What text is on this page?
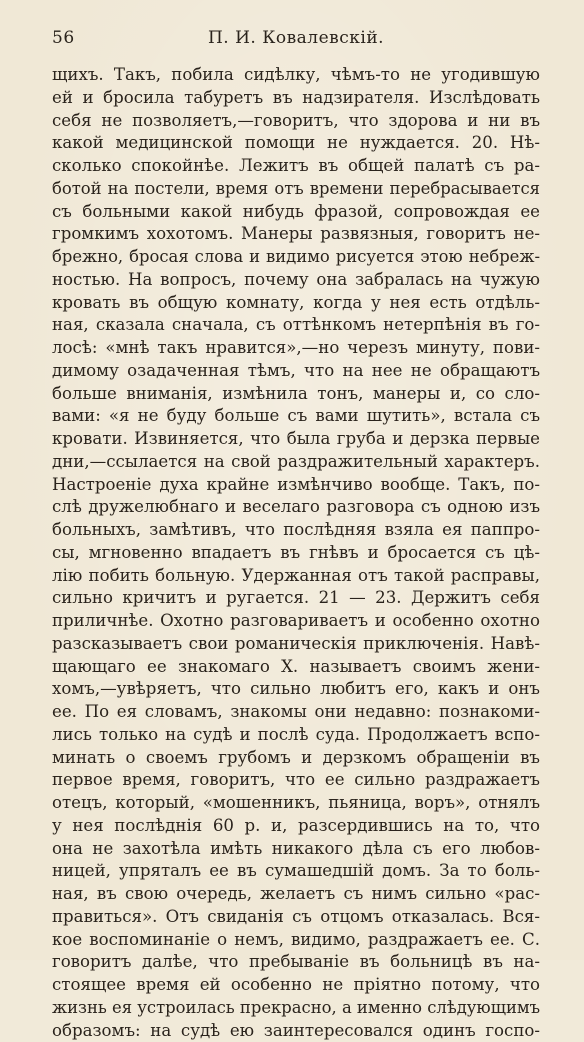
56	П. И. Ковалевскій.
щихъ. Такъ, побила сидѣлку, чѣмъ-то не угодившую
ей и бросила табуретъ въ надзирателя. Изслѣдовать
себя не позволяетъ,—говоритъ, что здорова и ни въ
какой медицинской помощи не нуждается. 20. Нѣ-
сколько спокойнѣе. Лежитъ въ общей палатѣ съ ра-
ботой на постели, время отъ времени перебрасывается
съ больными какой нибудь фразой, сопровождая ее
громкимъ хохотомъ. Манеры развязныя, говоритъ не-
брежно, бросая слова и видимо рисуется этою небреж-
ностью. На вопросъ, почему она забралась на чужую
кровать въ общую комнату, когда у нея есть отдѣль-
ная, сказала сначала, съ оттѣнкомъ нетерпѣнія въ го-
лосѣ: «мнѣ такъ нравится»,—но черезъ минуту, пови-
димому озадаченная тѣмъ, что на нее не обращаютъ
больше вниманія, измѣнила тонъ, манеры и, со сло-
вами: «я не буду больше съ вами шутить», встала съ
кровати. Извиняется, что была груба и дерзка первые
дни,—ссылается на свой раздражительный характеръ.
Настроеніе духа крайне измѣнчиво вообще. Такъ, по-
слѣ дружелюбнаго и веселаго разговора съ одною изъ
больныхъ, замѣтивъ, что послѣдняя взяла ея паппро-
сы, мгновенно впадаетъ въ гнѣвъ и бросается съ цѣ-
лію побить больную. Удержанная отъ такой расправы,
сильно кричитъ и ругается. 21 — 23. Держитъ себя
приличнѣе. Охотно разговариваетъ и особенно охотно
разсказываетъ свои романическія приключенія. Навѣ-
щающаго ее знакомаго Х. называетъ своимъ жени-
хомъ,—увѣряетъ, что сильно любитъ его, какъ и онъ
ее. По ея словамъ, знакомы они недавно: познакоми-
лись только на судѣ и послѣ суда. Продолжаетъ вспо-
минать о своемъ грубомъ и дерзкомъ обращеніи въ
первое время, говоритъ, что ее сильно раздражаетъ
отецъ, который, «мошенникъ, пьяница, воръ», отнялъ
у нея послѣднія 60 р. и, разсердившись на то, что
она не захотѣла имѣть никакого дѣла съ его любов-
ницей, упряталъ ее въ сумашедшій домъ. За то боль-
ная, въ свою очередь, желаетъ съ нимъ сильно «рас-
правиться». Отъ свиданія съ отцомъ отказалась. Вся-
кое воспоминаніе о немъ, видимо, раздражаетъ ее. С.
говоритъ далѣе, что пребываніе въ больницѣ въ на-
стоящее время ей особенно не пріятно потому, что
жизнь ея устроилась прекрасно, а именно слѣдующимъ
образомъ: на судѣ ею заинтересовался одинъ госпо-
